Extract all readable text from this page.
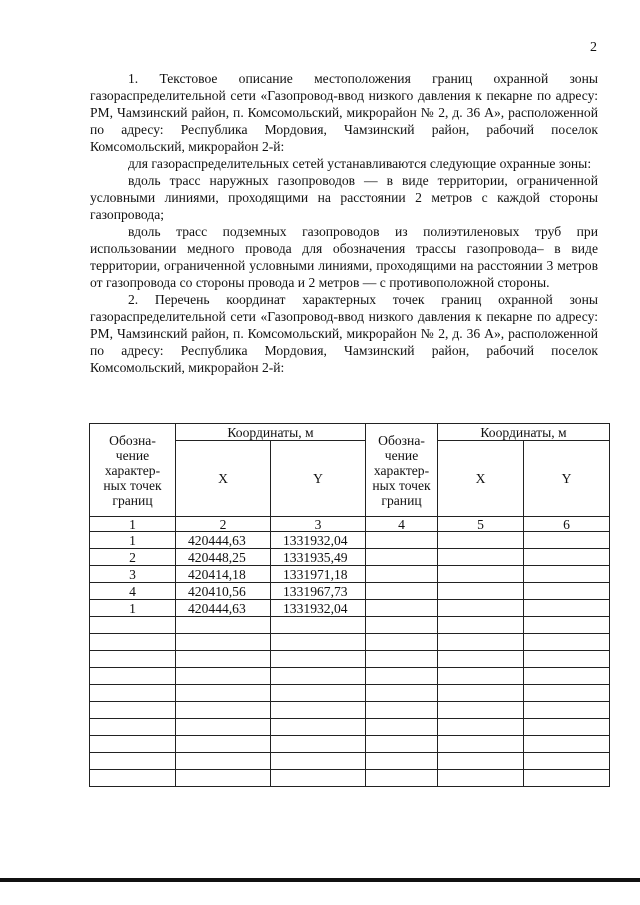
2

1. Текстовое описание местоположения границ охранной зоны газораспределительной сети «Газопровод-ввод низкого давления к пекарне по адресу: РМ, Чамзинский район, п. Комсомольский, микрорайон № 2, д. 36 А», расположенной по адресу: Республика Мордовия, Чамзинский район, рабочий поселок Комсомольский, микрорайон 2-й:

для газораспределительных сетей устанавливаются следующие охранные зоны:

вдоль трасс наружных газопроводов — в виде территории, ограниченной условными линиями, проходящими на расстоянии 2 метров с каждой стороны газопровода;

вдоль трасс подземных газопроводов из полиэтиленовых труб при использовании медного провода для обозначения трассы газопровода– в виде территории, ограниченной условными линиями, проходящими на расстоянии 3 метров от газопровода со стороны провода и 2 метров — с противоположной стороны.

2. Перечень координат характерных точек границ охранной зоны газораспределительной сети «Газопровод-ввод низкого давления к пекарне по адресу: РМ, Чамзинский район, п. Комсомольский, микрорайон № 2, д. 36 А», расположенной по адресу: Республика Мордовия, Чамзинский район, рабочий поселок Комсомольский, микрорайон 2-й:

Обозна-чение характер-ных точек границ	Координаты, м		Обозна-чение характер-ных точек границ	Координаты, м	
	X	Y		X	Y
1	2	3	4	5	6
1	420444,63	1331932,04			
2	420448,25	1331935,49			
3	420414,18	1331971,18			
4	420410,56	1331967,73			
1	420444,63	1331932,04			
